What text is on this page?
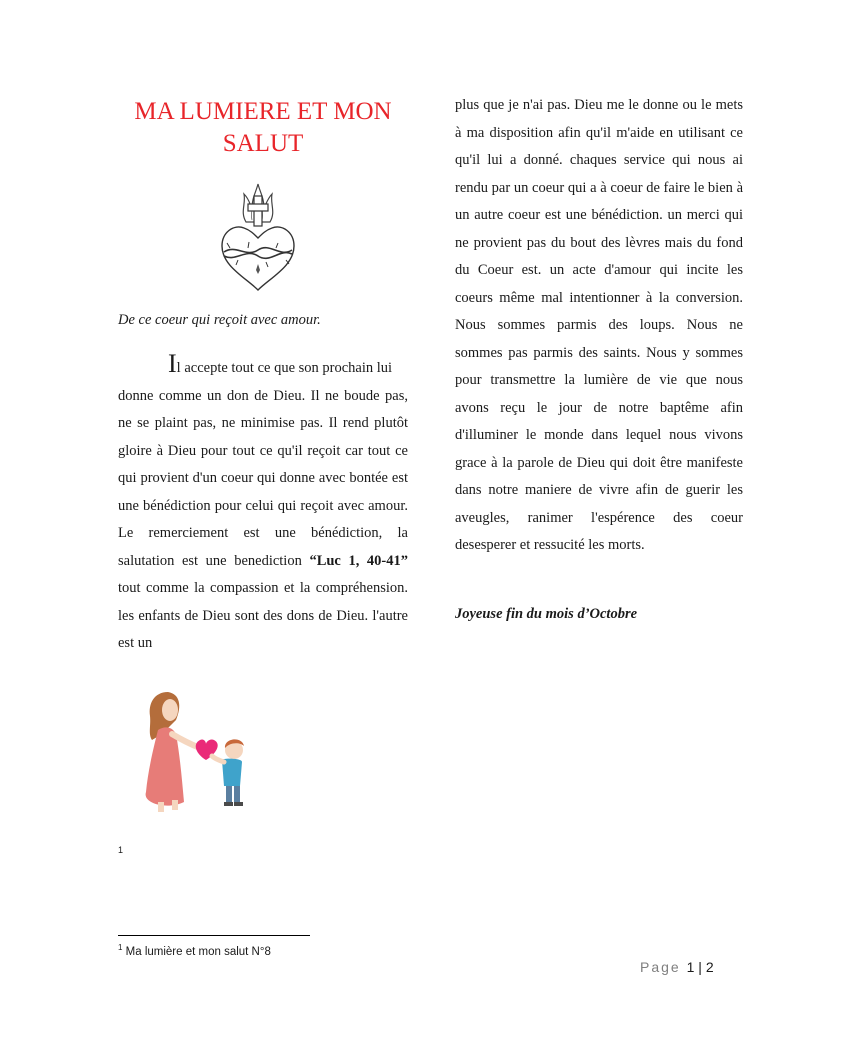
MA LUMIERE ET MON
SALUT
De ce coeur qui reçoit avec amour.

Il accepte tout ce que son prochain lui
donne comme un don de Dieu. Il ne boude pas, ne se plaint pas, ne minimise pas. Il rend plutôt gloire à Dieu pour tout ce qu'il reçoit car tout ce qui provient d'un coeur qui donne avec bontée est une bénédiction pour celui qui reçoit avec amour. Le remerciement est une bénédiction, la salutation est une benediction “Luc 1, 40-41” tout comme la compassion et la compréhension. les enfants de Dieu sont des dons de Dieu. l'autre est un

1

plus que je n'ai pas. Dieu me le donne ou le mets à ma disposition afin qu'il m'aide en utilisant ce qu'il lui a donné. chaques service qui nous ai rendu par un coeur qui a à coeur de faire le bien à un autre coeur est une bénédiction. un merci qui ne provient pas du bout des lèvres mais du fond du Coeur est. un acte d'amour qui incite les coeurs même mal intentionner à la conversion. Nous sommes parmis des loups. Nous ne sommes pas parmis des saints. Nous y sommes pour transmettre la lumière de vie que nous avons reçu le jour de notre baptême afin d'illuminer le monde dans lequel nous vivons grace à la parole de Dieu qui doit être manifeste dans notre maniere de vivre afin de guerir les aveugles, ranimer l'espérence des coeur desesperer et ressucité les morts.

Joyeuse fin du mois d’Octobre
$^1$ Ma lumière et mon salut N°8
Page 1 | 2
